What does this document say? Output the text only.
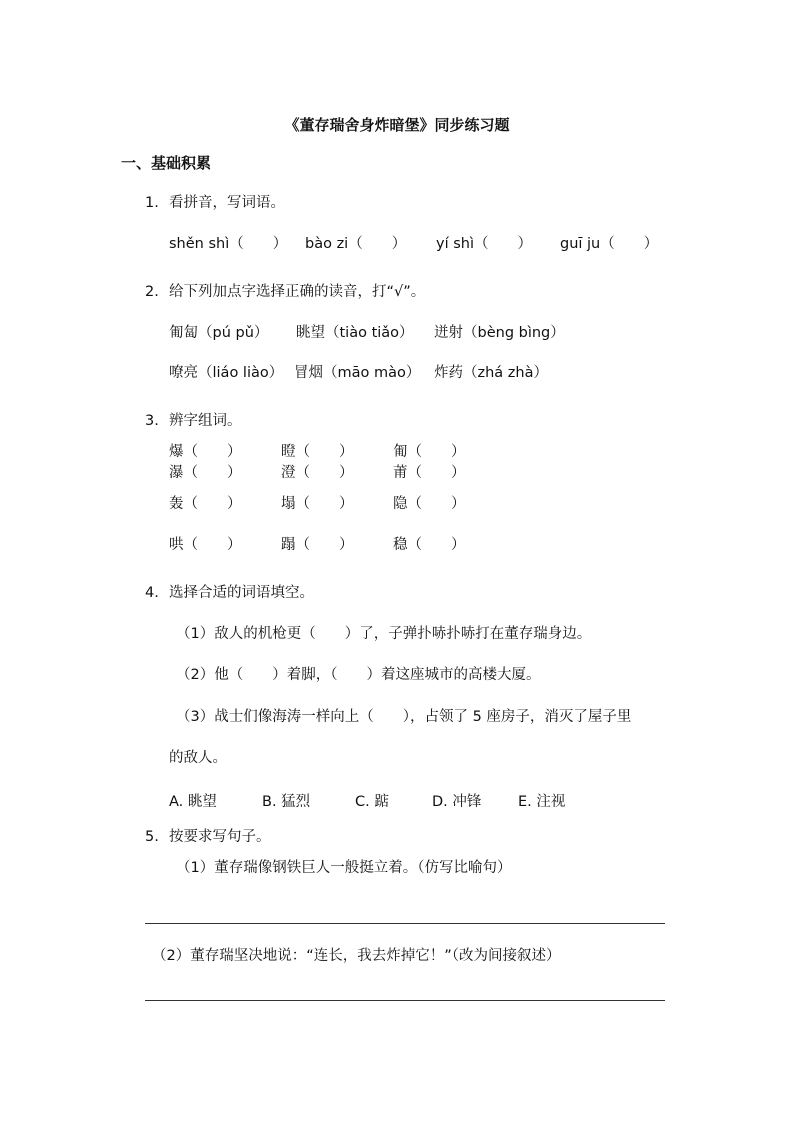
《董存瑞舍身炸暗堡》同步练习题
一、基础积累
1. 看拼音，写词语。
shěn shì（　　） bào zi（　　） yí shì（　　） guī ju（　　）
2. 给下列加点字选择正确的读音，打“√”。
匍匐（pú pǔ） 眺望（tiào tiǎo） 迸射（bèng bìng）
嘹亮（liáo liào） 冒烟（māo mào） 炸药（zhá zhà）
3. 辨字组词。
爆（　　）	瞪（　　）	匍（　　）
瀑（　　）	澄（　　）	莆（　　）
轰（　　）	塌（　　）	隐（　　）
哄（　　）	蹋（　　）	稳（　　）
4. 选择合适的词语填空。
（1）敌人的机枪更（　　）了，子弹扑哧扑哧打在董存瑞身边。
（2）他（　　）着脚，（　　）着这座城市的高楼大厦。
（3）战士们像海涛一样向上（　　），占领了 5 座房子，消灭了屋子里
的敌人。
A. 眺望	B. 猛烈	C. 踮	D. 冲锋	E. 注视
5. 按要求写句子。
（1）董存瑞像钢铁巨人一般挺立着。（仿写比喻句）
（2）董存瑞坚决地说：“连长，我去炸掉它！”（改为间接叙述）
